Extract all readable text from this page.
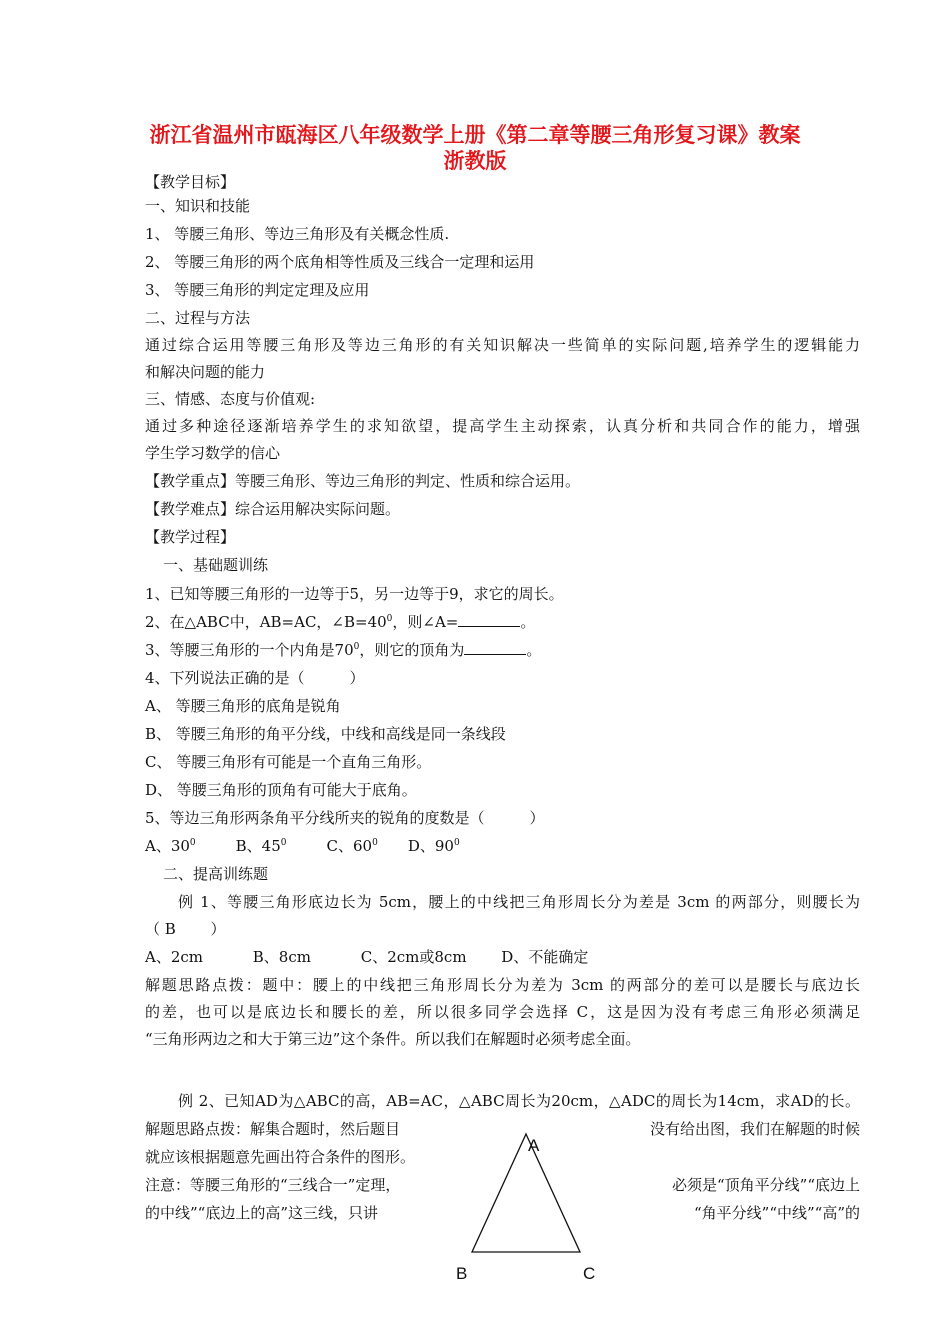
浙江省温州市瓯海区八年级数学上册《第二章等腰三角形复习课》教案
浙教版
【教学目标】
一、知识和技能
1、 等腰三角形、等边三角形及有关概念性质.
2、 等腰三角形的两个底角相等性质及三线合一定理和运用
3、 等腰三角形的判定定理及应用
二、过程与方法
通过综合运用等腰三角形及等边三角形的有关知识解决一些简单的实际问题,培养学生的逻辑能力
和解决问题的能力
三、情感、态度与价值观:
通过多种途径逐渐培养学生的求知欲望，提高学生主动探索，认真分析和共同合作的能力，增强
学生学习数学的信心
【教学重点】等腰三角形、等边三角形的判定、性质和综合运用。
【教学难点】综合运用解决实际问题。
【教学过程】
一、基础题训练
1、已知等腰三角形的一边等于5，另一边等于9，求它的周长。
2、在△ABC中，AB=AC，$\angle B=40^0$，则∠A=	。
3、等腰三角形的一个内角是$70^0$，则它的顶角为	。
4、下列说法正确的是（　　　）
A、 等腰三角形的底角是锐角
B、 等腰三角形的角平分线，中线和高线是同一条线段
C、 等腰三角形有可能是一个直角三角形。
D、 等腰三角形的顶角有可能大于底角。
5、等边三角形两条角平分线所夹的锐角的度数是（　　　）
A、$30^0$	B、$45^0$	C、$60^0$ D、$90^0$
二、提高训练题
例 1、等腰三角形底边长为 5cm，腰上的中线把三角形周长分为差是 3cm 的两部分，则腰长为
（ B　　 ）
A、2cm　　　 B、8cm　　　 C、2cm或8cm　　 D、不能确定
解题思路点拨：题中：腰上的中线把三角形周长分为差为 3cm 的两部分的差可以是腰长与底边长
的差，也可以是底边长和腰长的差，所以很多同学会选择 C，这是因为没有考虑三角形必须满足
“三角形两边之和大于第三边”这个条件。所以我们在解题时必须考虑全面。
例 2、已知AD为△ABC的高，AB=AC，△ABC周长为20cm，△ADC的周长为14cm，求AD的长。
解题思路点拨：解集合题时，然后题目	没有给出图，我们在解题的时候
就应该根据题意先画出符合条件的图形。
注意：等腰三角形的“三线合一”定理，	必须是“顶角平分线”“底边上
的中线”“底边上的高”这三线，只讲	“角平分线”“中线”“高”的
A
B	C
